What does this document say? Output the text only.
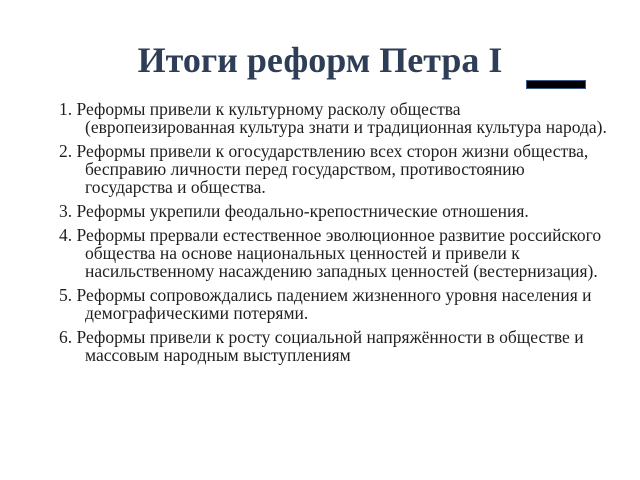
Итоги реформ Петра I
1. Реформы привели к культурному расколу общества (европеизированная культура знати и традиционная культура народа).
2. Реформы привели к огосударствлению всех сторон жизни общества, бесправию личности перед государством, противостоянию государства и общества.
3. Реформы укрепили феодально-крепостнические отношения.
4. Реформы прервали естественное эволюционное развитие российского общества на основе национальных ценностей и привели к насильственному насаждению западных ценностей (вестернизация).
5. Реформы сопровождались падением жизненного уровня населения и демографическими потерями.
6. Реформы привели к росту социальной напряжённости в обществе и массовым народным выступлениям
